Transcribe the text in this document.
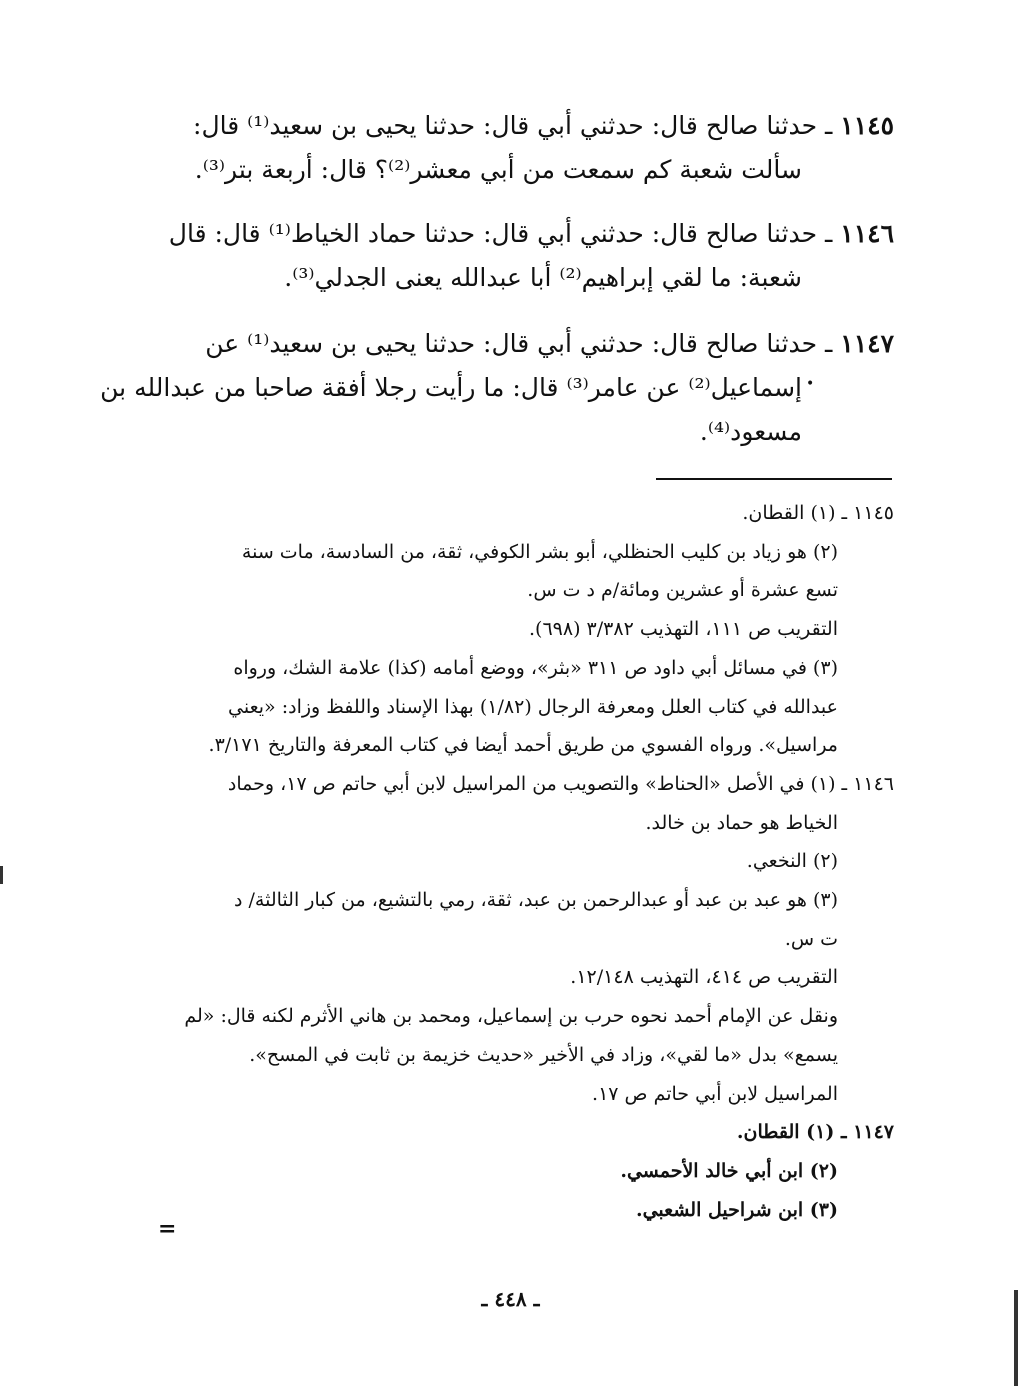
١١٤٥ ـ حدثنا صالح قال: حدثني أبي قال: حدثنا يحيى بن سعيد⁽¹⁾ قال:
سألت شعبة كم سمعت من أبي معشر⁽²⁾؟ قال: أربعة بتر⁽³⁾.
١١٤٦ ـ حدثنا صالح قال: حدثني أبي قال: حدثنا حماد الخياط⁽¹⁾ قال: قال
شعبة: ما لقي إبراهيم⁽²⁾ أبا عبدالله يعنى الجدلي⁽³⁾.
١١٤٧ ـ حدثنا صالح قال: حدثني أبي قال: حدثنا يحيى بن سعيد⁽¹⁾ عن
إسماعيل⁽²⁾ عن عامر⁽³⁾ قال: ما رأيت رجلا أفقة صاحبا من عبدالله بن
مسعود⁽⁴⁾.
•
١١٤٥ ـ (١) القطان.
(٢) هو زياد بن كليب الحنظلي، أبو بشر الكوفي، ثقة، من السادسة، مات سنة
تسع عشرة أو عشرين ومائة/م د ت س.
التقريب ص ١١١، التهذيب ٣/٣٨٢ (٦٩٨).
(٣) في مسائل أبي داود ص ٣١١ «بثر»، ووضع أمامه (كذا) علامة الشك، ورواه
عبدالله في كتاب العلل ومعرفة الرجال (١/٨٢) بهذا الإسناد واللفظ وزاد: «يعني
مراسيل». ورواه الفسوي من طريق أحمد أيضا في كتاب المعرفة والتاريخ ٣/١٧١.
١١٤٦ ـ (١) في الأصل «الحناط» والتصويب من المراسيل لابن أبي حاتم ص ١٧، وحماد
الخياط هو حماد بن خالد.
(٢) النخعي.
(٣) هو عبد بن عبد أو عبدالرحمن بن عبد، ثقة، رمي بالتشيع، من كبار الثالثة/ د
ت س.
التقريب ص ٤١٤، التهذيب ١٢/١٤٨.
ونقل عن الإمام أحمد نحوه حرب بن إسماعيل، ومحمد بن هاني الأثرم لكنه قال: «لم
يسمع» بدل «ما لقي»، وزاد في الأخير «حديث خزيمة بن ثابت في المسح».
المراسيل لابن أبي حاتم ص ١٧.
١١٤٧ ـ (١) القطان.
(٢) ابن أبي خالد الأحمسي.
(٣) ابن شراحيل الشعبي.
=
ـ ٤٤٨ ـ
